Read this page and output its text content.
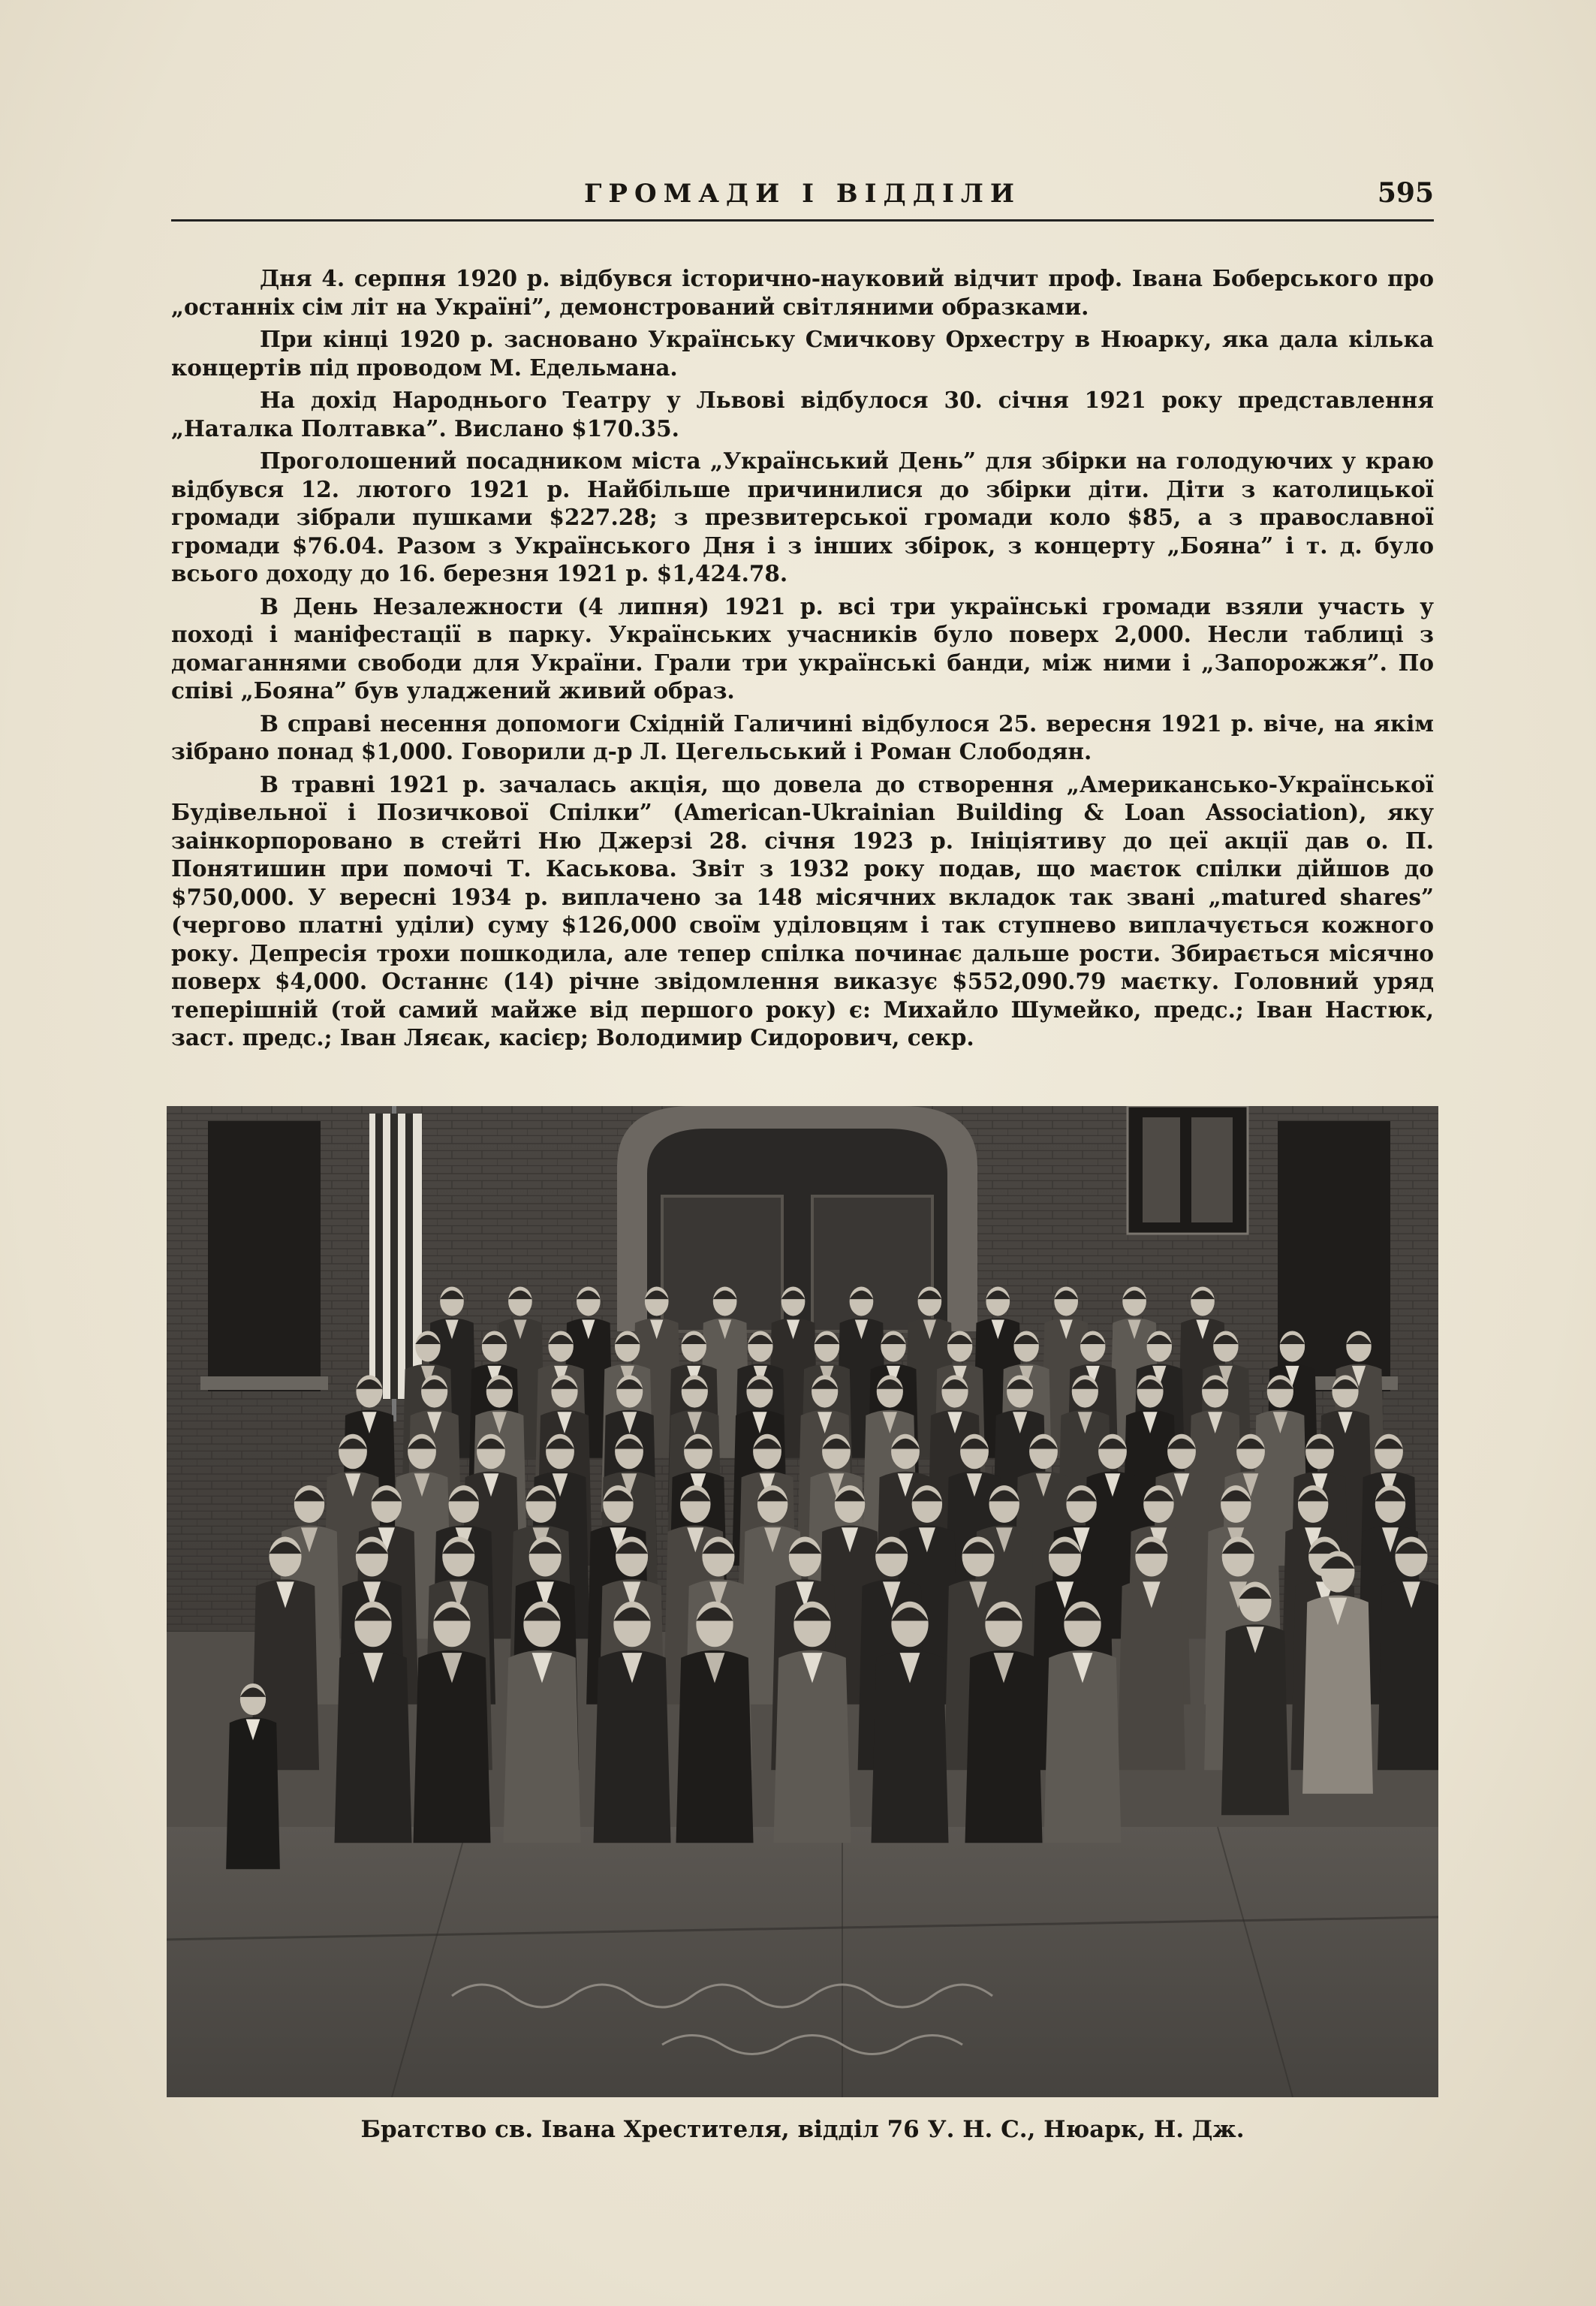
ГРОМАДИ І ВІДДІЛИ	595

Дня 4. серпня 1920 р. відбувся історично-науковий відчит проф. Івана Боберського про „останніх сім літ на Україні”, демонстрований світляними образками.

При кінці 1920 р. засновано Українську Смичкову Орхестру в Нюарку, яка дала кілька концертів під проводом М. Едельмана.

На дохід Народнього Театру у Львові відбулося 30. січня 1921 року представлення „Наталка Полтавка”. Вислано $170.35.

Проголошений посадником міста „Український День” для збірки на голодуючих у краю відбувся 12. лютого 1921 р. Найбільше причинилися до збірки діти. Діти з католицької громади зібрали пушками $227.28; з презвитерської громади коло $85, а з православної громади $76.04. Разом з Українського Дня і з інших збірок, з концерту „Бояна” і т. д. було всього доходу до 16. березня 1921 р. $1,424.78.

В День Незалежности (4 липня) 1921 р. всі три українські громади взяли участь у поході і маніфестації в парку. Українських учасників було поверх 2,000. Несли таблиці з домаганнями свободи для України. Грали три українські банди, між ними і „Запорожжя”. По співі „Бояна” був уладжений живий образ.

В справі несення допомоги Східній Галичині відбулося 25. вересня 1921 р. віче, на якім зібрано понад $1,000. Говорили д-р Л. Цегельський і Роман Слободян.

В травні 1921 р. зачалась акція, що довела до створення „Американсько-Української Будівельної і Позичкової Спілки” (American-Ukrainian Building & Loan Association), яку заінкорпоровано в стейті Ню Джерзі 28. січня 1923 р. Ініціятиву до цеї акції дав о. П. Понятишин при помочі Т. Каськова. Звіт з 1932 року подав, що маєток спілки дійшов до $750,000. У вересні 1934 р. виплачено за 148 місячних вкладок так звані „matured shares” (чергово платні уділи) суму $126,000 своїм уділовцям і так ступнево виплачується кожного року. Депресія трохи пошкодила, але тепер спілка починає дальше рости. Збирається місячно поверх $4,000. Останнє (14) річне звідомлення виказує $552,090.79 маєтку. Головний уряд теперішній (той самий майже від першого року) є: Михайло Шумейко, предс.; Іван Настюк, заст. предс.; Іван Ляєак, касієр; Володимир Сидорович, секр.

Братство св. Івана Хрестителя, відділ 76 У. Н. С., Нюарк, Н. Дж.
